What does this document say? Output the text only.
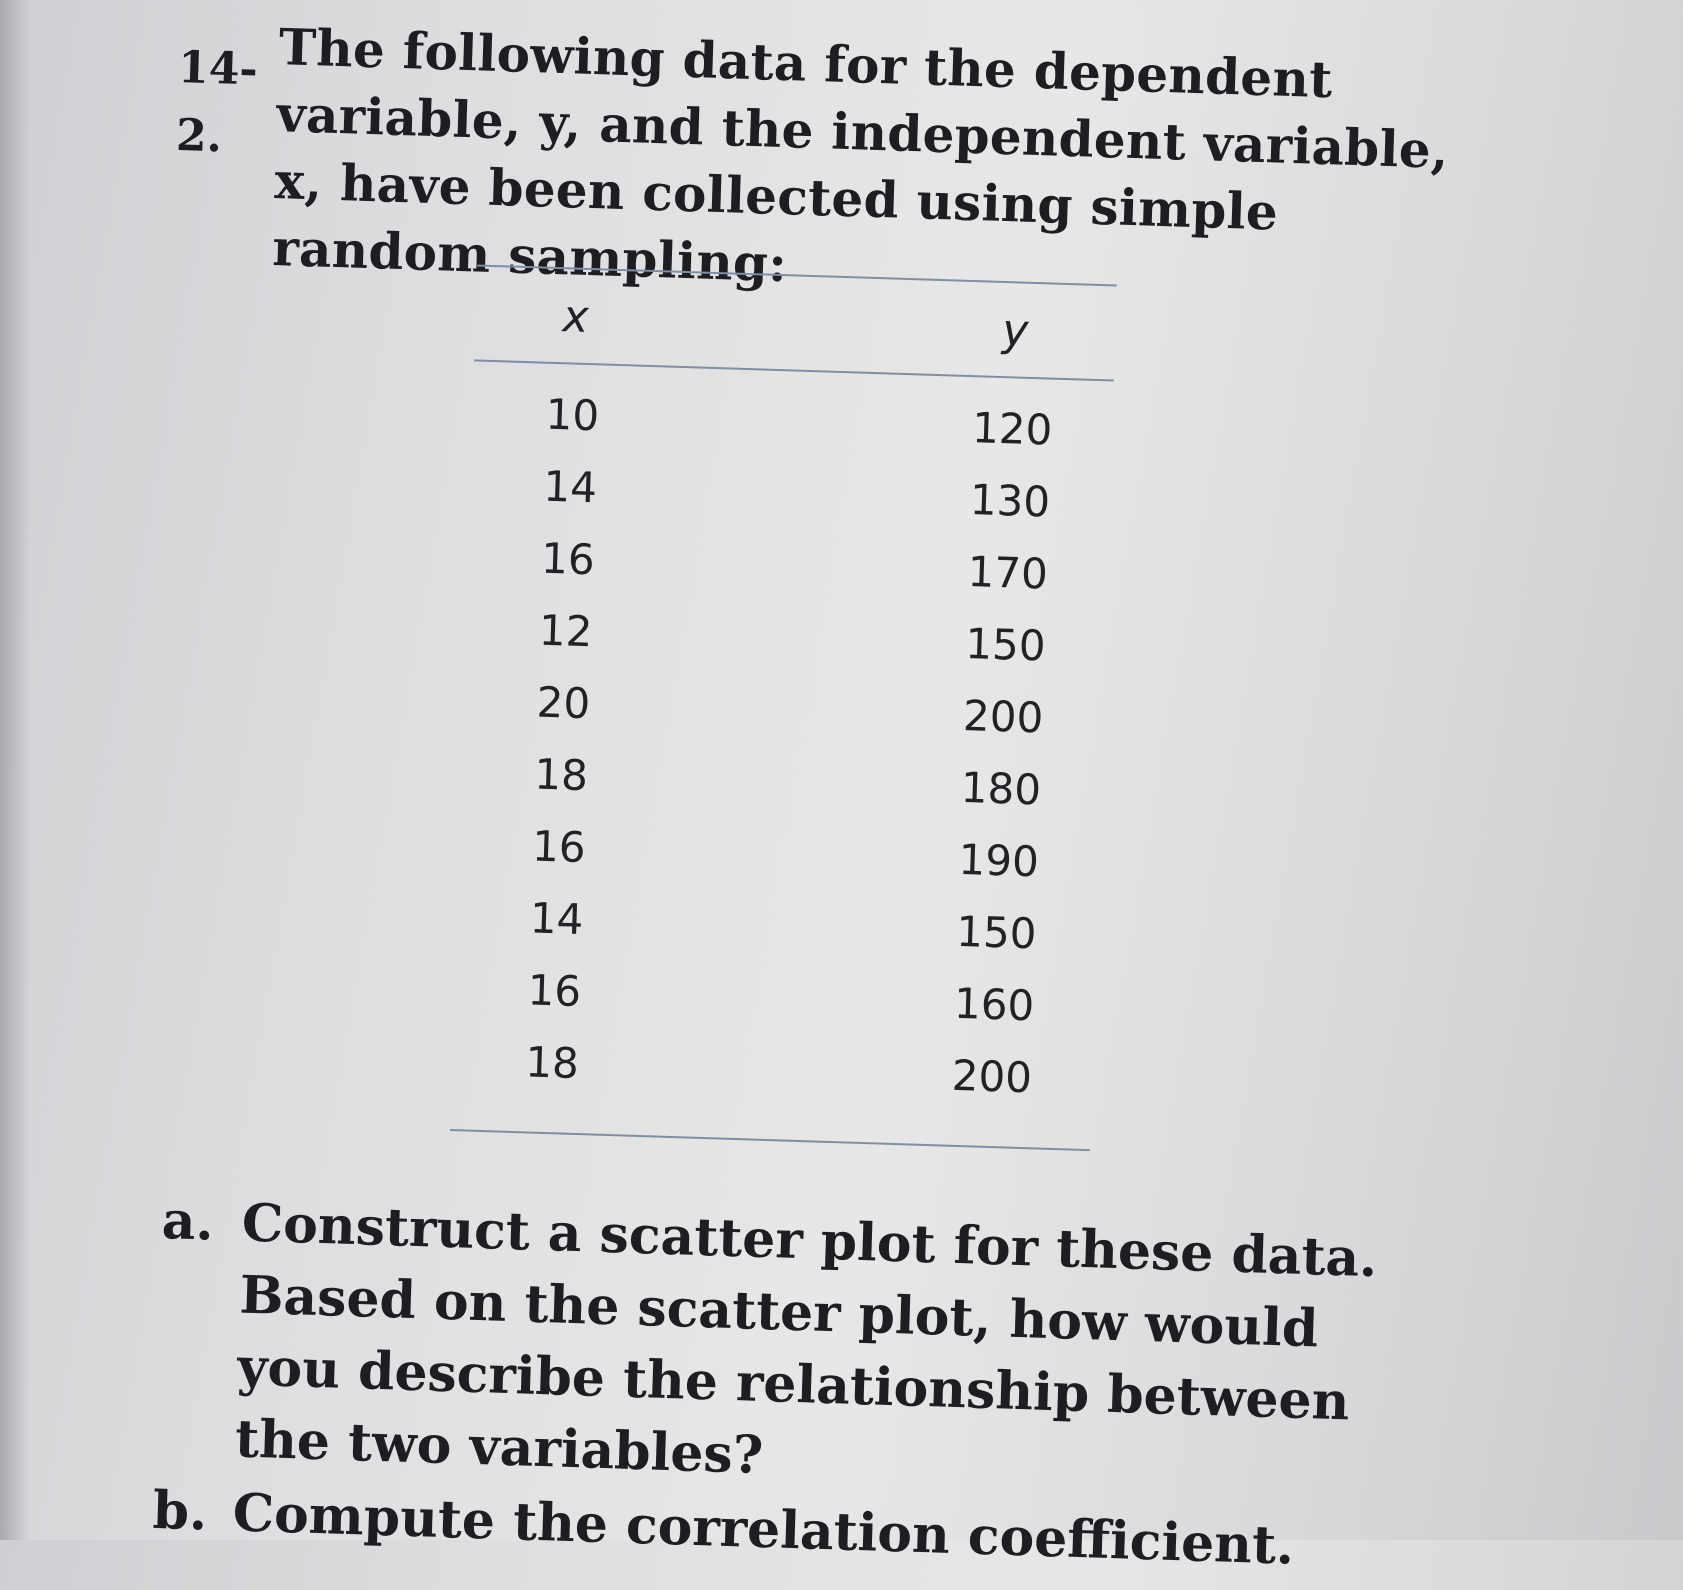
14-2.
The following data for the dependent variable, y, and the independent variable, x, have been collected using simple random sampling:
x	y
10	120
14	130
16	170
12	150
20	200
18	180
16	190
14	150
16	160
18	200
a. Construct a scatter plot for these data. Based on the scatter plot, how would you describe the relationship between the two variables?
b. Compute the correlation coefficient.
